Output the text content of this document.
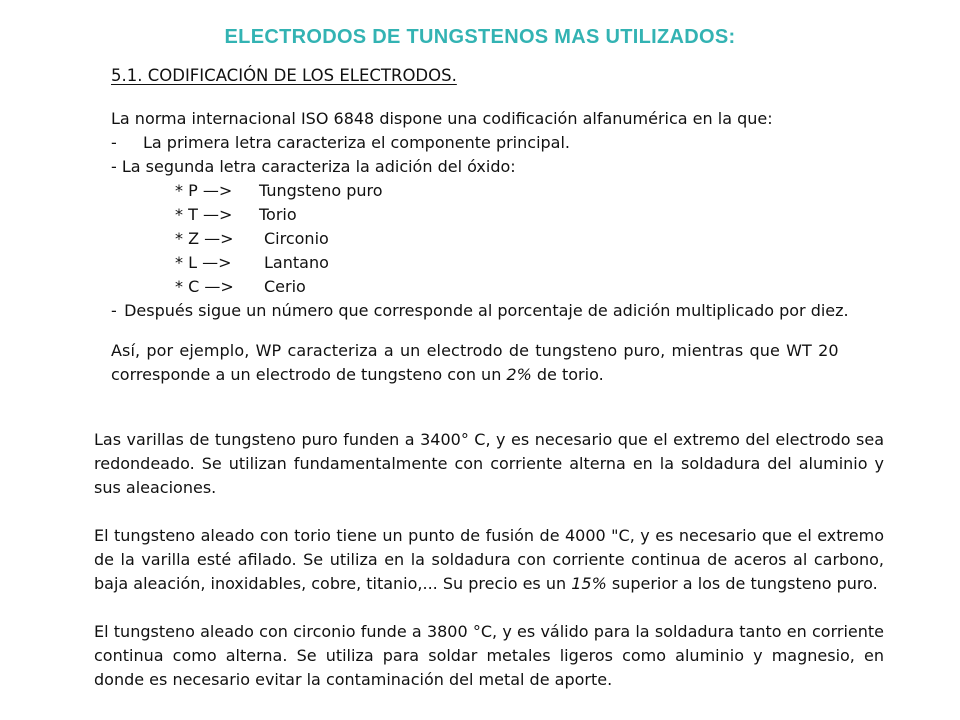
ELECTRODOS DE TUNGSTENOS MAS UTILIZADOS:
5.1. CODIFICACIÓN DE LOS ELECTRODOS.

La norma internacional ISO 6848 dispone una codificación alfanumérica en la que:

- La primera letra caracteriza el componente principal.

- La segunda letra caracteriza la adición del óxido:

* P —>	Tungsteno puro

* T —>	Torio

* Z —>	Circonio

* L —>	Lantano

* C —>	Cerio

- Después sigue un número que corresponde al porcentaje de adición multiplicado por diez.

Así, por ejemplo, WP caracteriza a un electrodo de tungsteno puro, mientras que WT 20

corresponde a un electrodo de tungsteno con un 2% de torio.

Las varillas de tungsteno puro funden a 3400° C, y es necesario que el extremo del electrodo sea redondeado. Se utilizan fundamentalmente con corriente alterna en la soldadura del aluminio y sus aleaciones.

El tungsteno aleado con torio tiene un punto de fusión de 4000 "C, y es necesario que el extremo de la varilla esté afilado. Se utiliza en la soldadura con corriente continua de aceros al carbono, baja aleación, inoxidables, cobre, titanio,... Su precio es un 15% superior a los de tungsteno puro.

El tungsteno aleado con circonio funde a 3800 °C, y es válido para la soldadura tanto en corriente continua como alterna. Se utiliza para soldar metales ligeros como aluminio y magnesio, en donde es necesario evitar la contaminación del metal de aporte.
